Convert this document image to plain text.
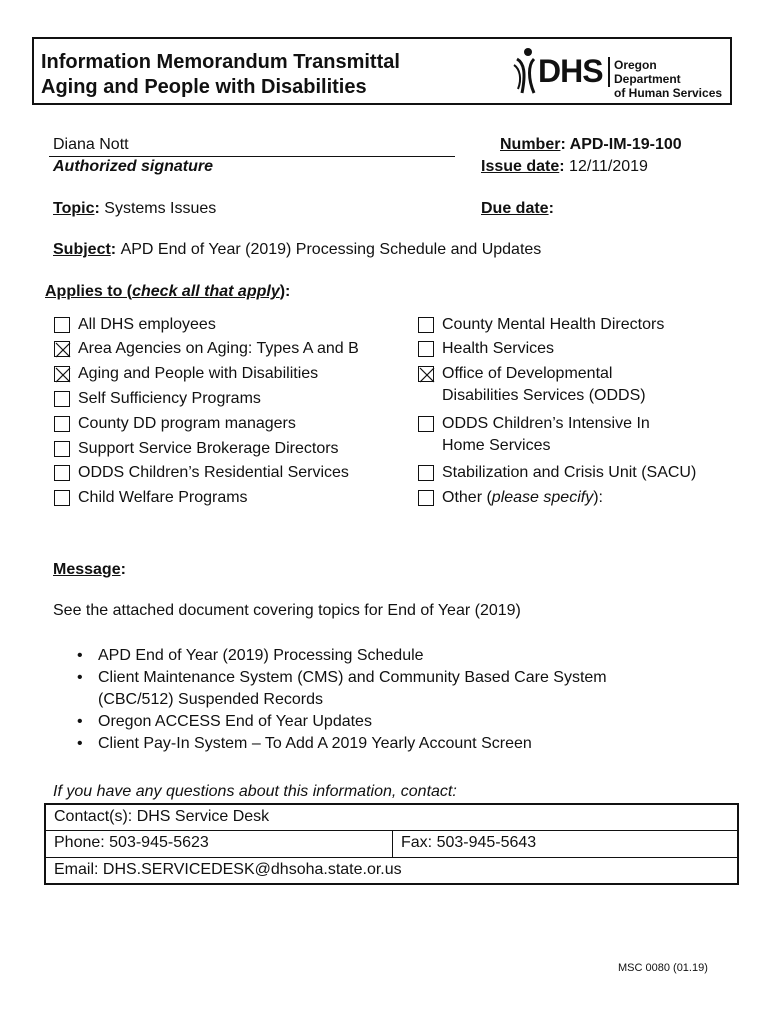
Information Memorandum Transmittal
Aging and People with Disabilities	DHS Oregon Department
of Human Services
Diana Nott
Authorized signature
Number: APD-IM-19-100
Issue date: 12/11/2019
Topic: Systems Issues	Due date:
Subject: APD End of Year (2019) Processing Schedule and Updates
Applies to (check all that apply):
All DHS employees
Area Agencies on Aging: Types A and B
Aging and People with Disabilities
Self Sufficiency Programs
County DD program managers
Support Service Brokerage Directors
ODDS Children’s Residential Services
Child Welfare Programs
County Mental Health Directors
Health Services
Office of Developmental
Disabilities Services (ODDS)
ODDS Children’s Intensive In
Home Services
Stabilization and Crisis Unit (SACU)
Other (please specify):
Message:
See the attached document covering topics for End of Year (2019)
• APD End of Year (2019) Processing Schedule
• Client Maintenance System (CMS) and Community Based Care System (CBC/512) Suspended Records
• Oregon ACCESS End of Year Updates
• Client Pay-In System – To Add A 2019 Yearly Account Screen
If you have any questions about this information, contact:
Contact(s): DHS Service Desk
Phone: 503-945-5623	Fax: 503-945-5643
Email: DHS.SERVICEDESK@dhsoha.state.or.us
MSC 0080 (01.19)
